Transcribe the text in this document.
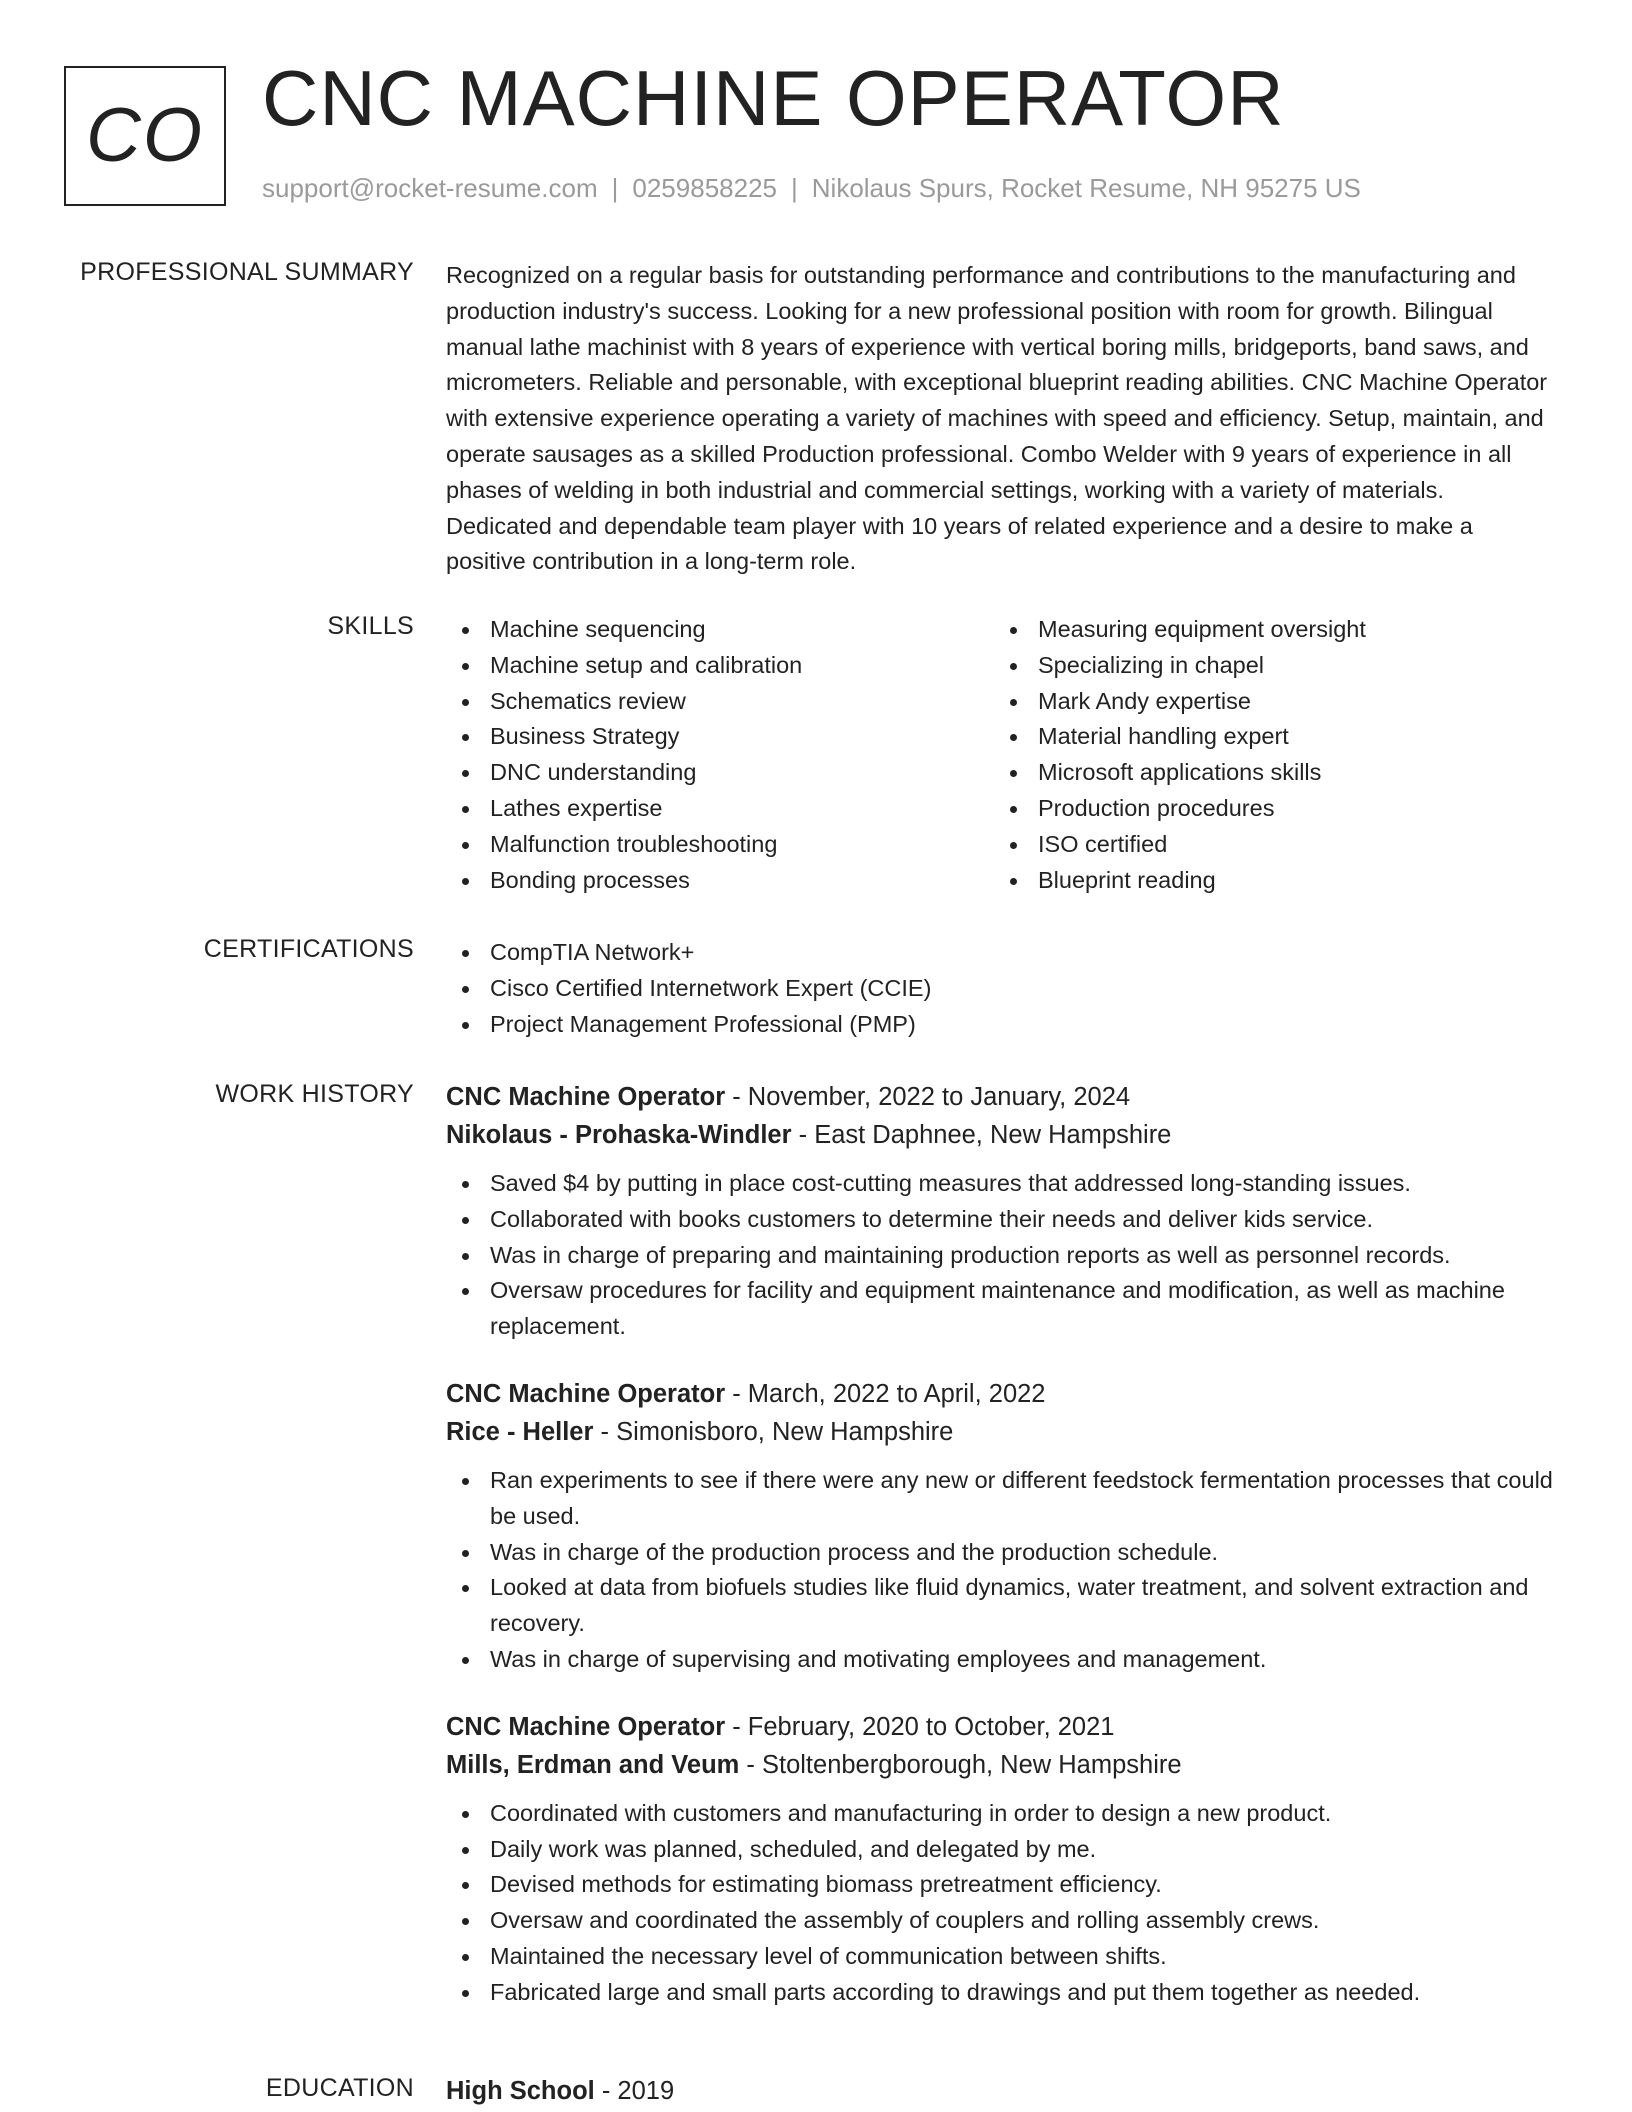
CO CNC MACHINE OPERATOR
support@rocket-resume.com | 0259858225 | Nikolaus Spurs, Rocket Resume, NH 95275 US
PROFESSIONAL SUMMARY Recognized on a regular basis for outstanding performance and contributions to the manufacturing and production industry's success. Looking for a new professional position with room for growth. Bilingual manual lathe machinist with 8 years of experience with vertical boring mills, bridgeports, band saws, and micrometers. Reliable and personable, with exceptional blueprint reading abilities. CNC Machine Operator with extensive experience operating a variety of machines with speed and efficiency. Setup, maintain, and operate sausages as a skilled Production professional. Combo Welder with 9 years of experience in all phases of welding in both industrial and commercial settings, working with a variety of materials. Dedicated and dependable team player with 10 years of related experience and a desire to make a positive contribution in a long-term role.

SKILLS	Machine sequencing
Machine setup and calibration
Schematics review
Business Strategy
DNC understanding
Lathes expertise
Malfunction troubleshooting
Bonding processes
Measuring equipment oversight
Specializing in chapel
Mark Andy expertise
Material handling expert
Microsoft applications skills
Production procedures
ISO certified
Blueprint reading
CERTIFICATIONS	CompTIA Network+
Cisco Certified Internetwork Expert (CCIE)
Project Management Professional (PMP)
WORK HISTORY CNC Machine Operator - November, 2022 to January, 2024
Nikolaus - Prohaska-Windler - East Daphnee, New Hampshire
Saved $4 by putting in place cost-cutting measures that addressed long-standing issues.
Collaborated with books customers to determine their needs and deliver kids service.
Was in charge of preparing and maintaining production reports as well as personnel records.
Oversaw procedures for facility and equipment maintenance and modification, as well as machine replacement.
CNC Machine Operator - March, 2022 to April, 2022
Rice - Heller - Simonisboro, New Hampshire
Ran experiments to see if there were any new or different feedstock fermentation processes that could be used.
Was in charge of the production process and the production schedule.
Looked at data from biofuels studies like fluid dynamics, water treatment, and solvent extraction and recovery.
Was in charge of supervising and motivating employees and management.
CNC Machine Operator - February, 2020 to October, 2021
Mills, Erdman and Veum - Stoltenbergborough, New Hampshire
Coordinated with customers and manufacturing in order to design a new product.
Daily work was planned, scheduled, and delegated by me.
Devised methods for estimating biomass pretreatment efficiency.
Oversaw and coordinated the assembly of couplers and rolling assembly crews.
Maintained the necessary level of communication between shifts.
Fabricated large and small parts according to drawings and put them together as needed.
EDUCATION High School - 2019
